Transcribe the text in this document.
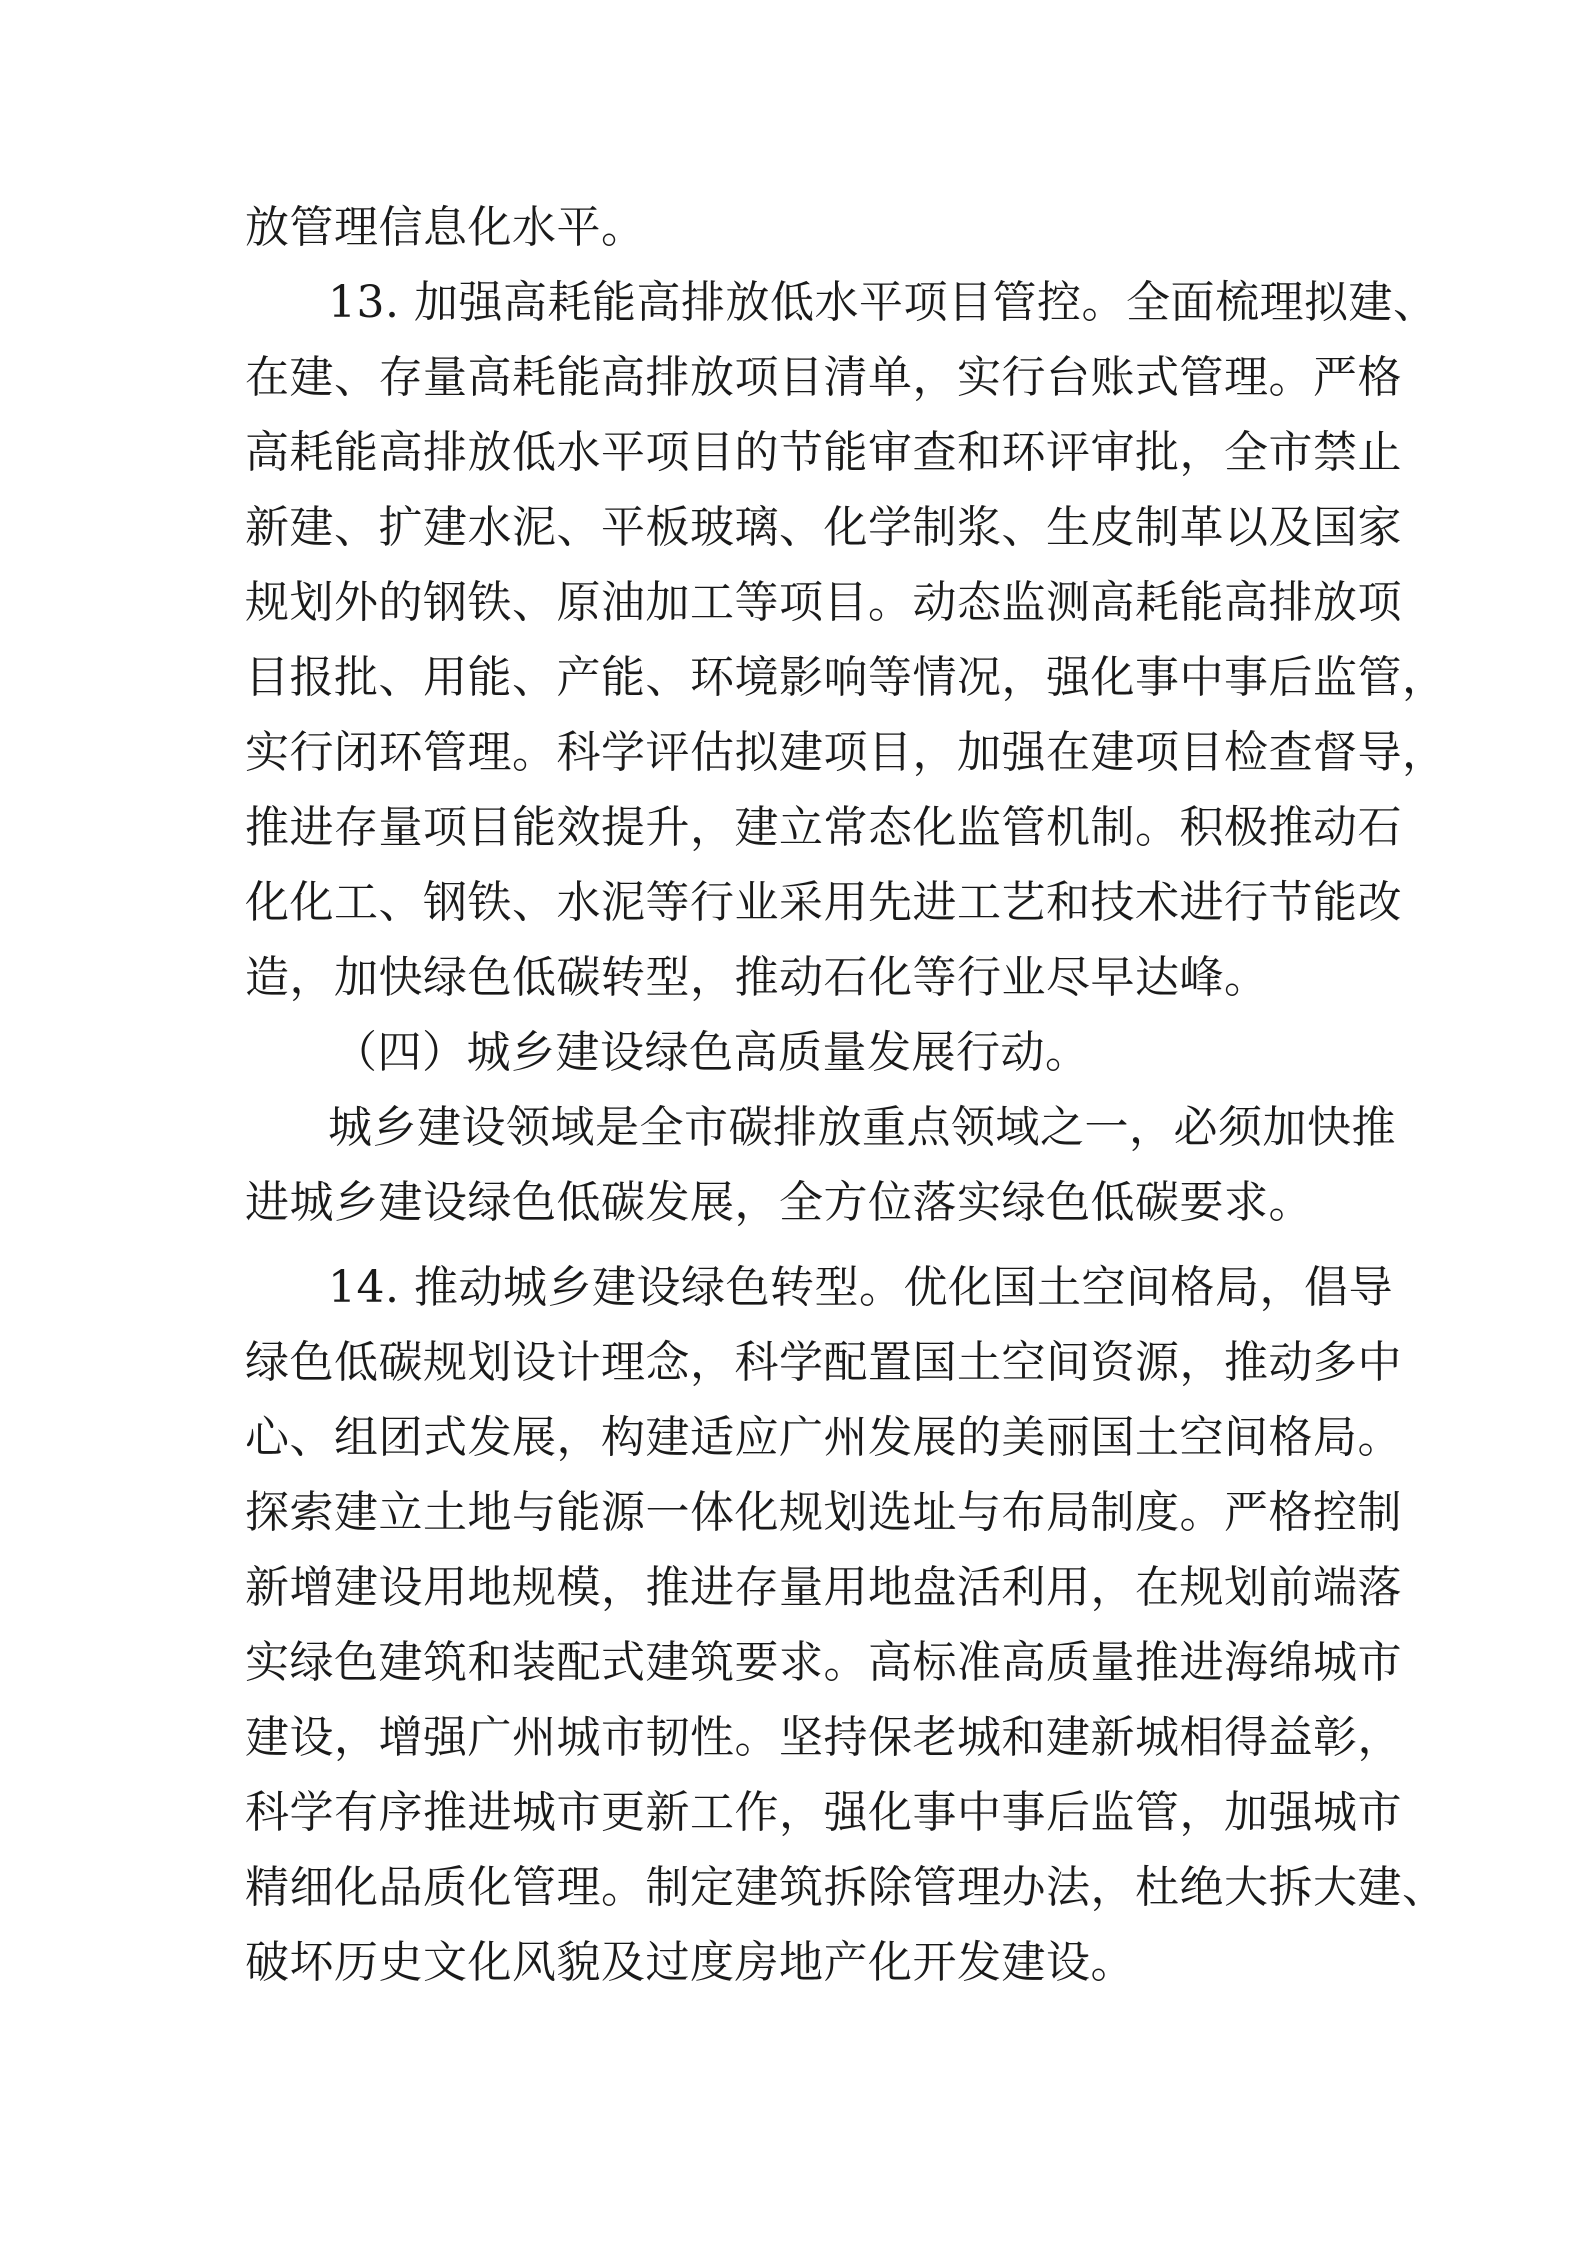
放管理信息化水平。
13. 加强高耗能高排放低水平项目管控。全面梳理拟建、
在建、存量高耗能高排放项目清单，实行台账式管理。严格
高耗能高排放低水平项目的节能审查和环评审批，全市禁止
新建、扩建水泥、平板玻璃、化学制浆、生皮制革以及国家
规划外的钢铁、原油加工等项目。动态监测高耗能高排放项
目报批、用能、产能、环境影响等情况，强化事中事后监管，
实行闭环管理。科学评估拟建项目，加强在建项目检查督导，
推进存量项目能效提升，建立常态化监管机制。积极推动石
化化工、钢铁、水泥等行业采用先进工艺和技术进行节能改
造，加快绿色低碳转型，推动石化等行业尽早达峰。
（四）城乡建设绿色高质量发展行动。
城乡建设领域是全市碳排放重点领域之一，必须加快推
进城乡建设绿色低碳发展，全方位落实绿色低碳要求。
14. 推动城乡建设绿色转型。优化国土空间格局，倡导
绿色低碳规划设计理念，科学配置国土空间资源，推动多中
心、组团式发展，构建适应广州发展的美丽国土空间格局。
探索建立土地与能源一体化规划选址与布局制度。严格控制
新增建设用地规模，推进存量用地盘活利用，在规划前端落
实绿色建筑和装配式建筑要求。高标准高质量推进海绵城市
建设，增强广州城市韧性。坚持保老城和建新城相得益彰，
科学有序推进城市更新工作，强化事中事后监管，加强城市
精细化品质化管理。制定建筑拆除管理办法，杜绝大拆大建、
破坏历史文化风貌及过度房地产化开发建设。
